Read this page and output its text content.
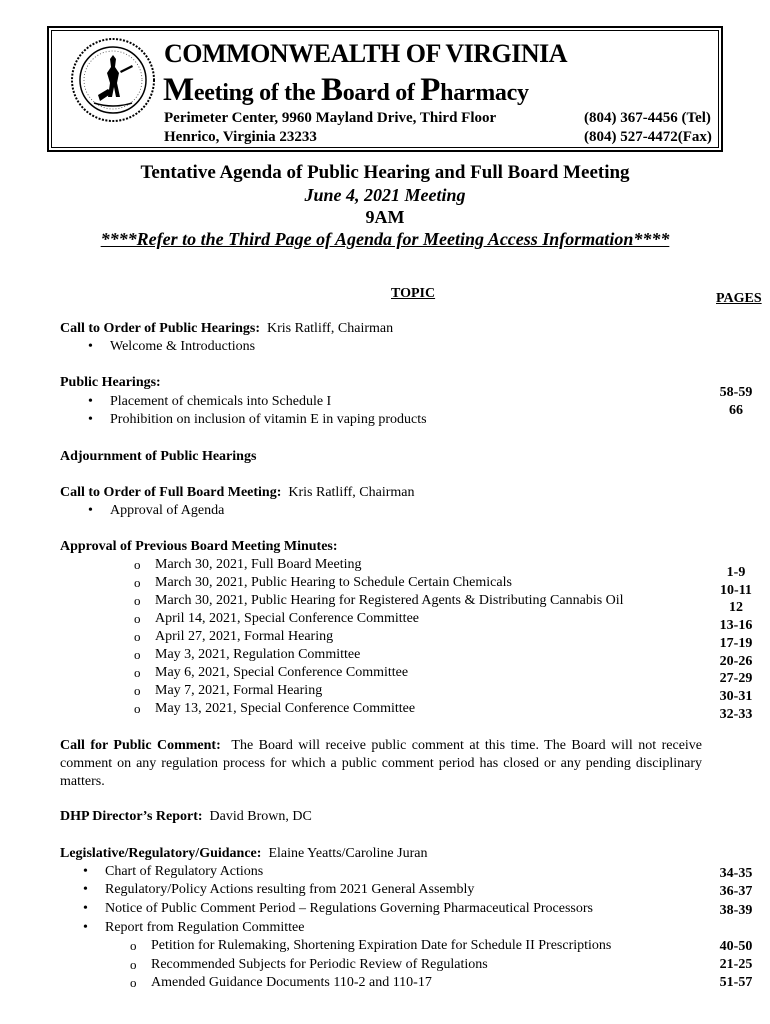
COMMONWEALTH OF VIRGINIA
Meeting of the Board of Pharmacy
Perimeter Center, 9960 Mayland Drive, Third Floor
Henrico, Virginia 23233
(804) 367-4456 (Tel)
(804) 527-4472(Fax)
Tentative Agenda of Public Hearing and Full Board Meeting
June 4, 2021 Meeting
9AM
****Refer to the Third Page of Agenda for Meeting Access Information****
TOPIC	PAGES
Call to Order of Public Hearings: Kris Ratliff, Chairman
• Welcome & Introductions
Public Hearings:
• Placement of chemicals into Schedule I
• Prohibition on inclusion of vitamin E in vaping products
58-59
66
Adjournment of Public Hearings
Call to Order of Full Board Meeting: Kris Ratliff, Chairman
• Approval of Agenda
Approval of Previous Board Meeting Minutes:
o March 30, 2021, Full Board Meeting
o March 30, 2021, Public Hearing to Schedule Certain Chemicals
o March 30, 2021, Public Hearing for Registered Agents & Distributing Cannabis Oil
o April 14, 2021, Special Conference Committee
o April 27, 2021, Formal Hearing
o May 3, 2021, Regulation Committee
o May 6, 2021, Special Conference Committee
o May 7, 2021, Formal Hearing
o May 13, 2021, Special Conference Committee
1-9
10-11
12
13-16
17-19
20-26
27-29
30-31
32-33
Call for Public Comment: The Board will receive public comment at this time. The Board will not receive comment on any regulation process for which a public comment period has closed or any pending disciplinary matters.
DHP Director’s Report: David Brown, DC
Legislative/Regulatory/Guidance: Elaine Yeatts/Caroline Juran
• Chart of Regulatory Actions
• Regulatory/Policy Actions resulting from 2021 General Assembly
• Notice of Public Comment Period – Regulations Governing Pharmaceutical Processors
• Report from Regulation Committee
o Petition for Rulemaking, Shortening Expiration Date for Schedule II Prescriptions
o Recommended Subjects for Periodic Review of Regulations
o Amended Guidance Documents 110-2 and 110-17
34-35
36-37
38-39
40-50
21-25
51-57
